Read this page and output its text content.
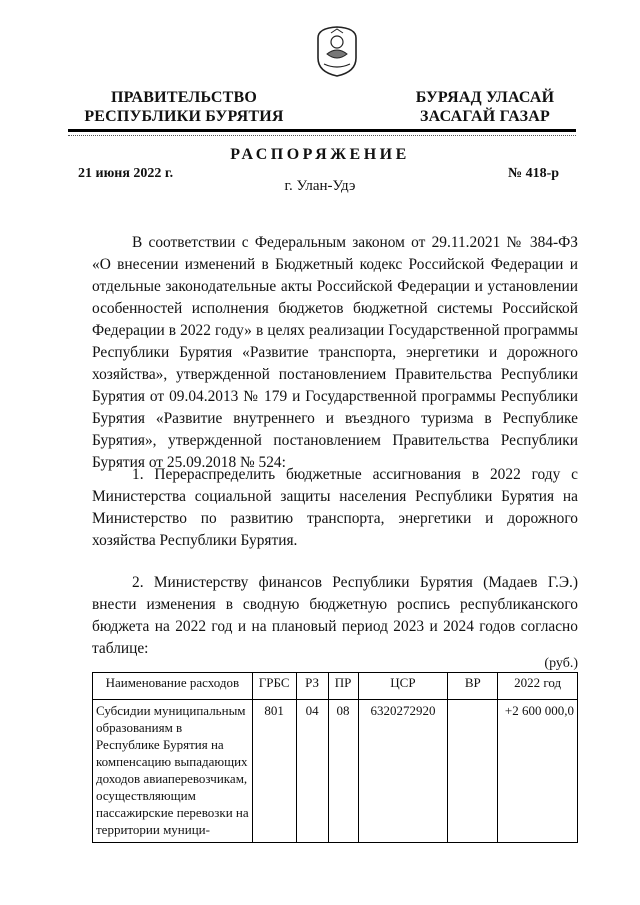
ПРАВИТЕЛЬСТВО
РЕСПУБЛИКИ БУРЯТИЯ
БУРЯАД УЛАСАЙ
ЗАСАГАЙ ГАЗАР
РАСПОРЯЖЕНИЕ
21 июня 2022 г.	№ 418-р
г. Улан-Удэ

В соответствии с Федеральным законом от 29.11.2021 № 384-ФЗ «О внесении изменений в Бюджетный кодекс Российской Федерации и отдельные законодательные акты Российской Федерации и установлении особенностей исполнения бюджетов бюджетной системы Российской Федерации в 2022 году» в целях реализации Государственной программы Республики Бурятия «Развитие транспорта, энергетики и дорожного хозяйства», утвержденной постановлением Правительства Республики Бурятия от 09.04.2013 № 179 и Государственной программы Республики Бурятия «Развитие внутреннего и въездного туризма в Республике Бурятия», утвержденной постановлением Правительства Республики Бурятия от 25.09.2018 № 524:

1. Перераспределить бюджетные ассигнования в 2022 году с Министерства социальной защиты населения Республики Бурятия на Министерство по развитию транспорта, энергетики и дорожного хозяйства Республики Бурятия.

2. Министерству финансов Республики Бурятия (Мадаев Г.Э.) внести изменения в сводную бюджетную роспись республиканского бюджета на 2022 год и на плановый период 2023 и 2024 годов согласно таблице:

(руб.)
Наименование расходов	ГРБС	РЗ	ПР	ЦСР	ВР	2022 год
Субсидии муниципальным образованиям в Республике Бурятия на компенсацию выпадающих доходов авиаперевозчикам, осуществляющим пассажирские перевозки на территории муници-	801	04	08	6320272920		+2 600 000,0
